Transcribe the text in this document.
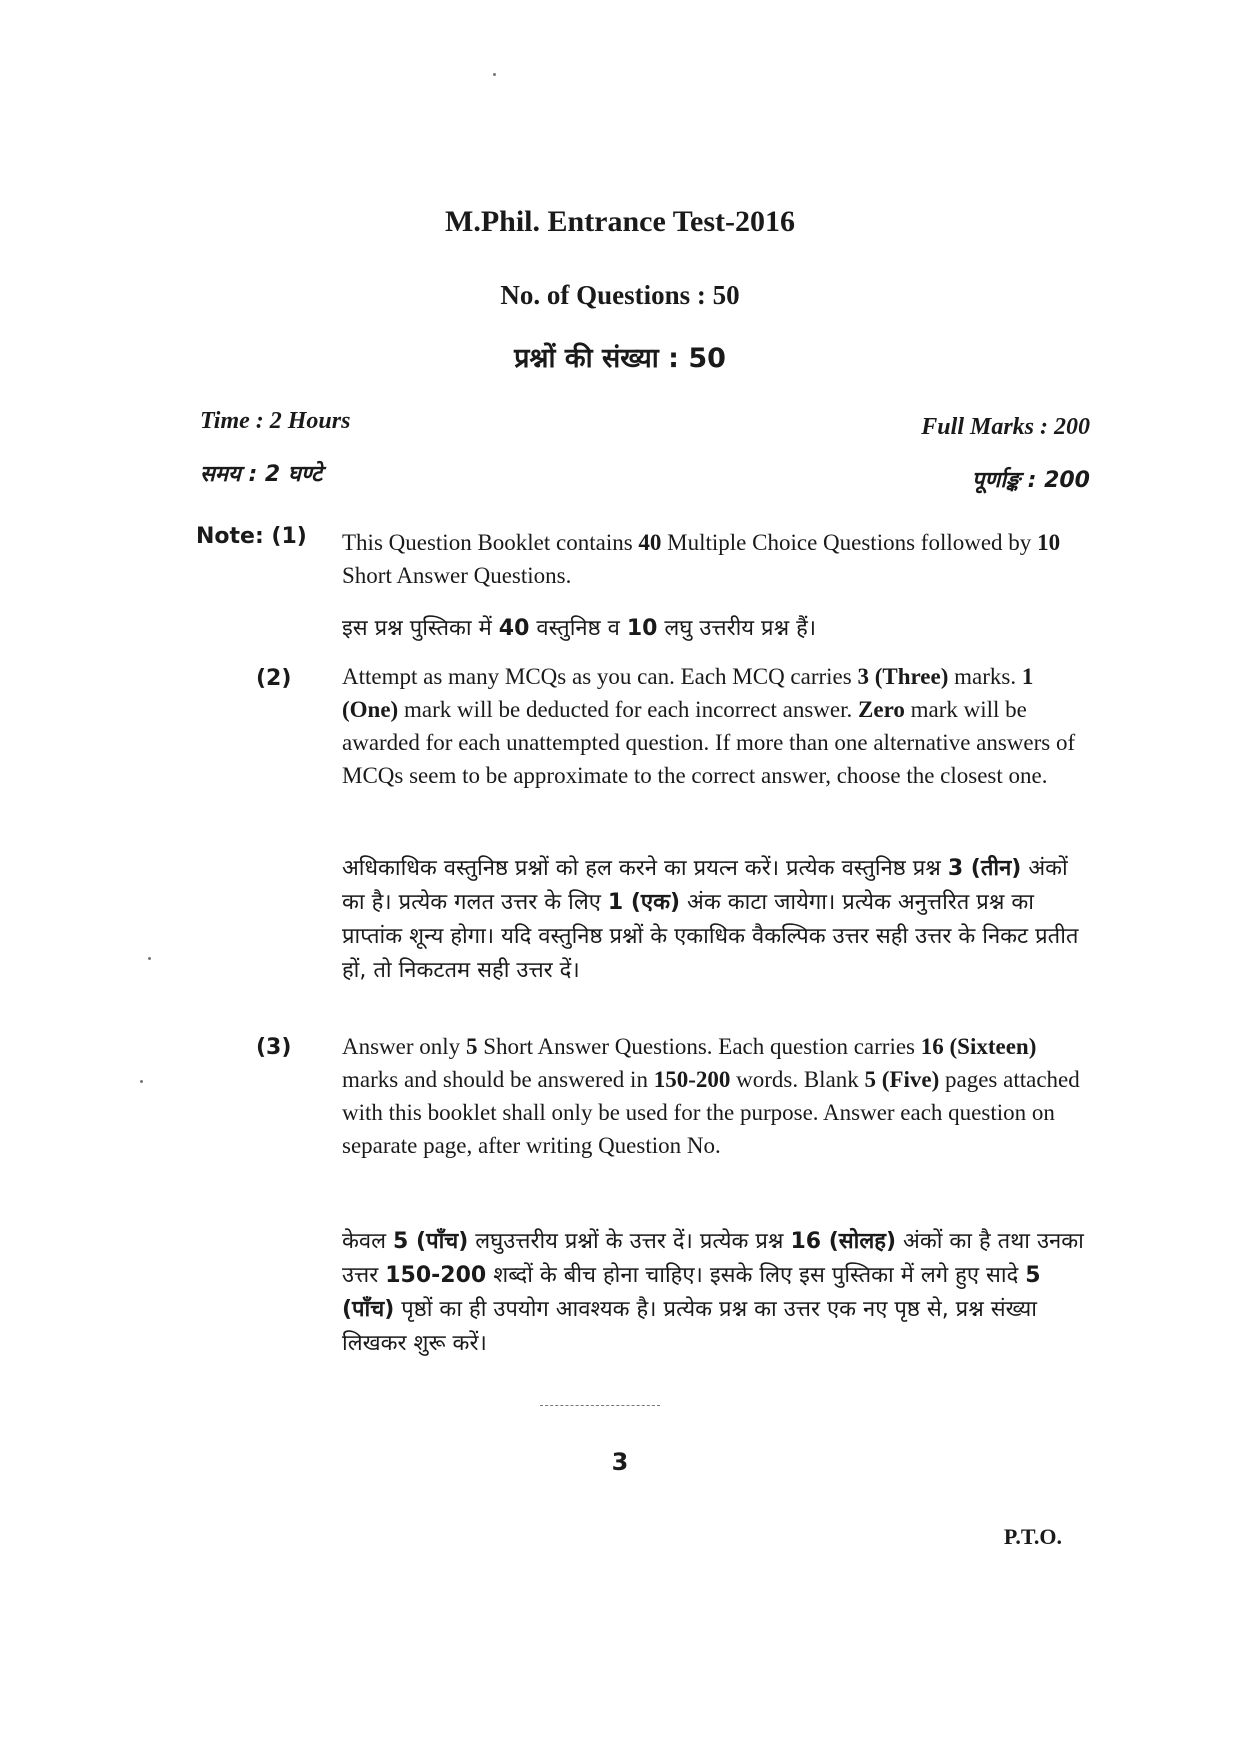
M.Phil. Entrance Test-2016
No. of Questions : 50
प्रश्नों की संख्या : 50
Time : 2 Hours
समय : 2 घण्टे
Full Marks : 200
पूर्णाङ्क : 200
Note: (1)
(2)
(3)
This Question Booklet contains 40 Multiple Choice Questions followed by 10 Short Answer Questions.
इस प्रश्न पुस्तिका में 40 वस्तुनिष्ठ व 10 लघु उत्तरीय प्रश्न हैं।
Attempt as many MCQs as you can. Each MCQ carries 3 (Three) marks. 1 (One) mark will be deducted for each incorrect answer. Zero mark will be awarded for each unattempted question. If more than one alternative answers of MCQs seem to be approximate to the correct answer, choose the closest one.
अधिकाधिक वस्तुनिष्ठ प्रश्नों को हल करने का प्रयत्न करें। प्रत्येक वस्तुनिष्ठ प्रश्न 3 (तीन) अंकों का है। प्रत्येक गलत उत्तर के लिए 1 (एक) अंक काटा जायेगा। प्रत्येक अनुत्तरित प्रश्न का प्राप्तांक शून्य होगा। यदि वस्तुनिष्ठ प्रश्नों के एकाधिक वैकल्पिक उत्तर सही उत्तर के निकट प्रतीत हों, तो निकटतम सही उत्तर दें।
Answer only 5 Short Answer Questions. Each question carries 16 (Sixteen) marks and should be answered in 150-200 words. Blank 5 (Five) pages attached with this booklet shall only be used for the purpose. Answer each question on separate page, after writing Question No.
केवल 5 (पाँच) लघुउत्तरीय प्रश्नों के उत्तर दें। प्रत्येक प्रश्न 16 (सोलह) अंकों का है तथा उनका उत्तर 150-200 शब्दों के बीच होना चाहिए। इसके लिए इस पुस्तिका में लगे हुए सादे 5 (पाँच) पृष्ठों का ही उपयोग आवश्यक है। प्रत्येक प्रश्न का उत्तर एक नए पृष्ठ से, प्रश्न संख्या लिखकर शुरू करें।
3
P.T.O.
